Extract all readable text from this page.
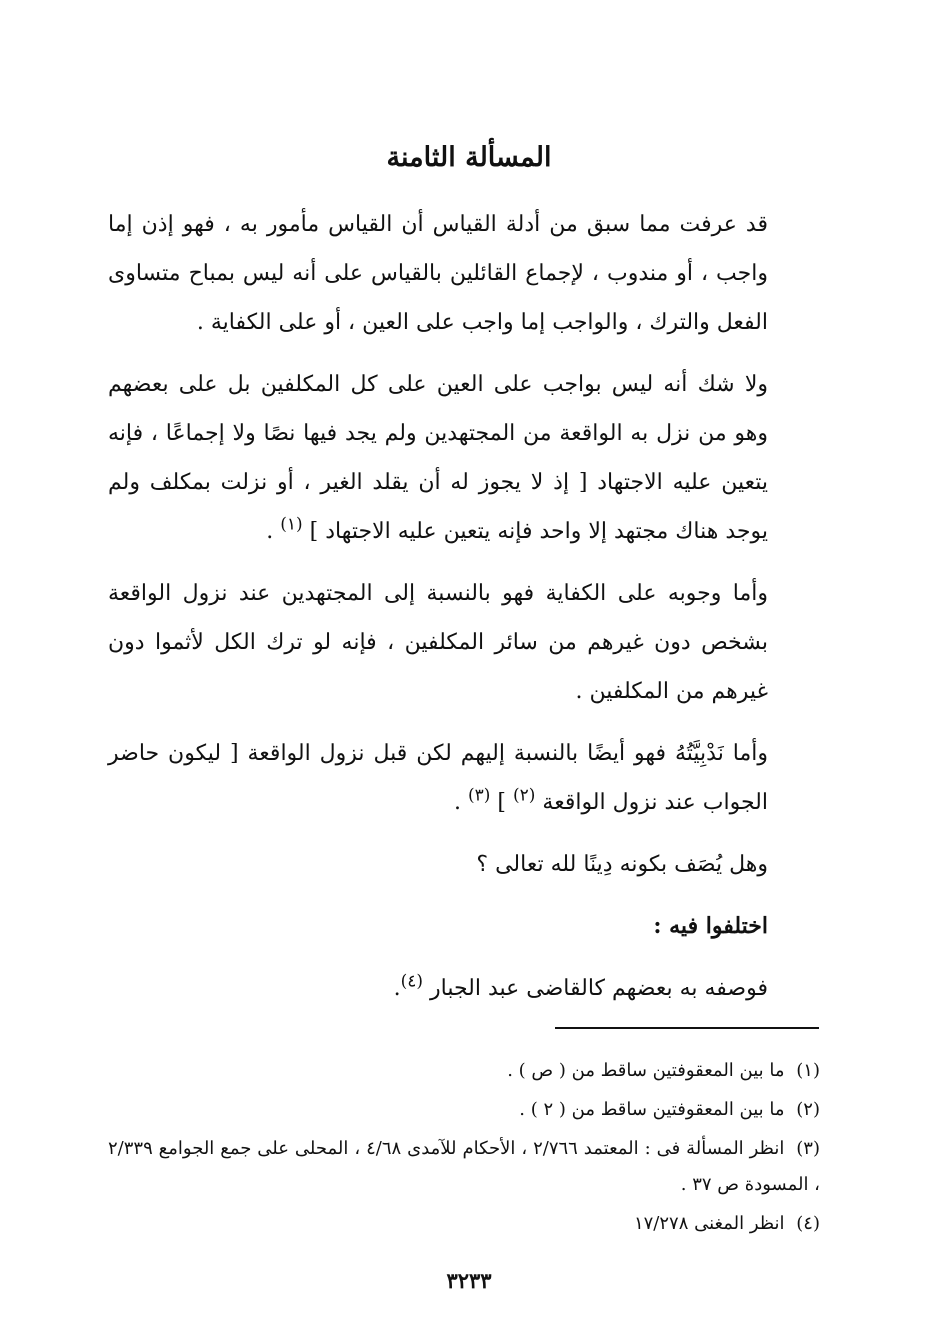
المسألة الثامنة

قد عرفت مما سبق من أدلة القياس أن القياس مأمور به ، فهو إذن إما واجب ، أو مندوب ، لإجماع القائلين بالقياس على أنه ليس بمباح متساوى الفعل والترك ، والواجب إما واجب على العين ، أو على الكفاية .

ولا شك أنه ليس بواجب على العين على كل المكلفين بل على بعضهم وهو من نزل به الواقعة من المجتهدين ولم يجد فيها نصًا ولا إجماعًا ، فإنه يتعين عليه الاجتهاد [ إذ لا يجوز له أن يقلد الغير ، أو نزلت بمكلف ولم يوجد هناك مجتهد إلا واحد فإنه يتعين عليه الاجتهاد ] $^{(١)}$ .

وأما وجوبه على الكفاية فهو بالنسبة إلى المجتهدين عند نزول الواقعة بشخص دون غيرهم من سائر المكلفين ، فإنه لو ترك الكل لأثموا دون غيرهم من المكلفين .

وأما نَدْبِيَّتُهُ فهو أيضًا بالنسبة إليهم لكن قبل نزول الواقعة [ ليكون حاضر الجواب عند نزول الواقعة $^{(٢)}$ ] $^{(٣)}$ .

وهل يُصَف بكونه دِينًا لله تعالى ؟

اختلفوا فيه :

فوصفه به بعضهم كالقاضى عبد الجبار $^{(٤)}$.

(١) ما بين المعقوفتين ساقط من ( ص ) .
(٢) ما بين المعقوفتين ساقط من ( ٢ ) .
(٣) انظر المسألة فى : المعتمد ٢/٧٦٦ ، الأحكام للآمدى ٤/٦٨ ، المحلى على جمع الجوامع ٢/٣٣٩ ، المسودة ص ٣٧ .
(٤) انظر المغنى ١٧/٢٧٨
٣٢٣٣
